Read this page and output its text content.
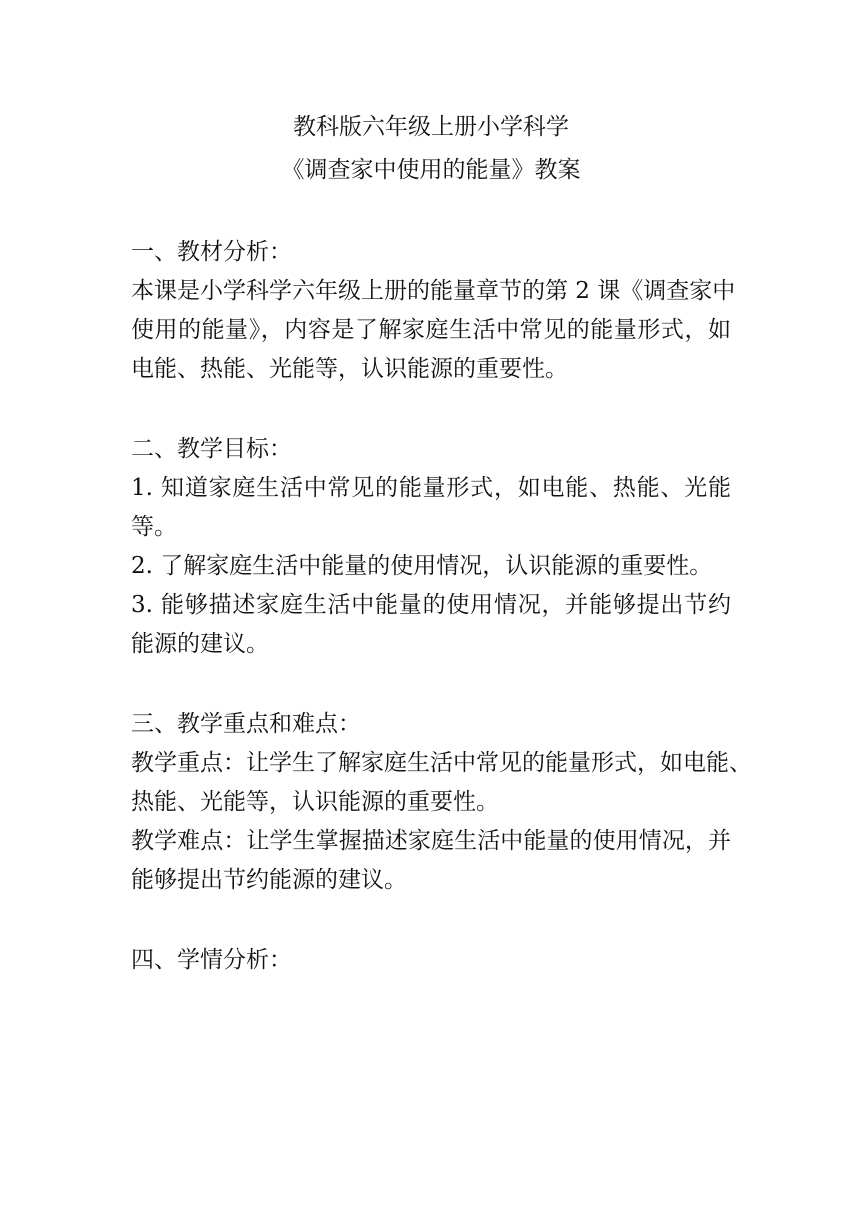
教科版六年级上册小学科学

《调查家中使用的能量》教案

一、教材分析：

本课是小学科学六年级上册的能量章节的第 2 课《调查家中

使用的能量》，内容是了解家庭生活中常见的能量形式，如

电能、热能、光能等，认识能源的重要性。

二、教学目标：

1. 知道家庭生活中常见的能量形式，如电能、热能、光能

等。

2. 了解家庭生活中能量的使用情况，认识能源的重要性。

3. 能够描述家庭生活中能量的使用情况，并能够提出节约

能源的建议。

三、教学重点和难点：

教学重点：让学生了解家庭生活中常见的能量形式，如电能、

热能、光能等，认识能源的重要性。

教学难点：让学生掌握描述家庭生活中能量的使用情况，并

能够提出节约能源的建议。

四、学情分析：
